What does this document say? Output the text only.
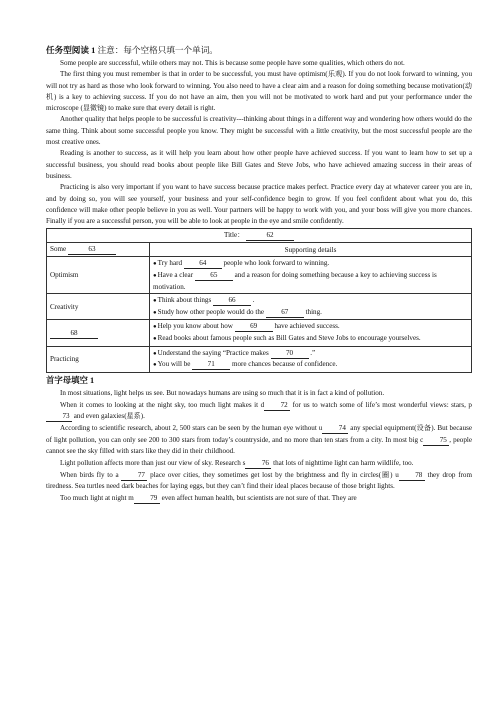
任务型阅读 1 注意：每个空格只填一个单词。

Some people are successful, while others may not. This is because some people have some qualities, which others do not.

The first thing you must remember is that in order to be successful, you must have optimism(乐观). If you do not look forward to winning, you will not try as hard as those who look forward to winning. You also need to have a clear aim and a reason for doing something because motivation(动机) is a key to achieving success. If you do not have an aim, then you will not be motivated to work hard and put your performance under the microscope (显微镜) to make sure that every detail is right.

Another quality that helps people to be successful is creativity---thinking about things in a different way and wondering how others would do the same thing. Think about some successful people you know. They might be successful with a little creativity, but the most successful people are the most creative ones.

Reading is another to success, as it will help you learn about how other people have achieved success. If you want to learn how to set up a successful business, you should read books about people like Bill Gates and Steve Jobs, who have achieved amazing success in their areas of business.

Practicing is also very important if you want to have success because practice makes perfect. Practice every day at whatever career you are in, and by doing so, you will see yourself, your business and your self-confidence begin to grow. If you feel confident about what you do, this confidence will make other people believe in you as well. Your partners will be happy to work with you, and your boss will give you more chances. Finally if you are a successful person, you will be able to look at people in the eye and smile confidently.

Title： 62	
Some 63	Supporting details
Optimism	● Try hard 64 people who look forward to winning.
● Have a clear 65 and a reason for doing something because a key to achieving success is motivation.

Creativity	● Think about things 66 .
● Study how other people would do the 67 thing.

68	● Help you know about how 69 have achieved success.
● Read books about famous people such as Bill Gates and Steve Jobs to encourage yourselves.

Practicing	● Understand the saying “Practice makes 70 .”
● You will be 71 more chances because of confidence.
首字母填空 1

In most situations, light helps us see. But nowadays humans are using so much that it is in fact a kind of pollution.

When it comes to looking at the night sky, too much light makes it d 72 for us to watch some of life’s most wonderful views: stars, p73 and even galaxies(星系).

According to scientific research, about 2, 500 stars can be seen by the human eye without u 74 any special equipment(设备). But because of light pollution, you can only see 200 to 300 stars from today’s countryside, and no more than ten stars from a city. In most big c 75 , people cannot see the sky filled with stars like they did in their childhood.

Light pollution affects more than just our view of sky. Research s 76 that lots of nighttime light can harm wildlife, too.

When birds fly to a 77 place over cities, they sometimes get lost by the brightness and fly in circles(圈) u 78 they drop from tiredness. Sea turtles need dark beaches for laying eggs, but they can’t find their ideal places because of those bright lights.

Too much light at night m 79 even affect human health, but scientists are not sure of that. They are
